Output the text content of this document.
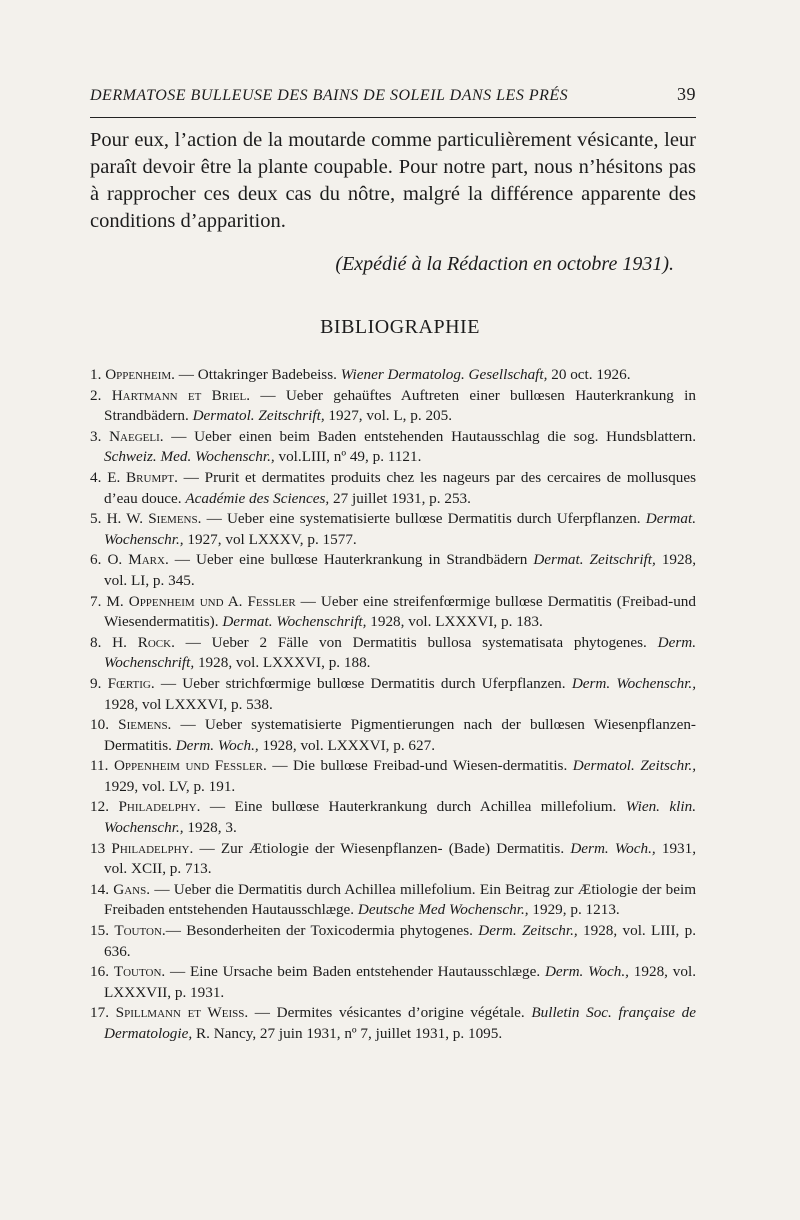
DERMATOSE BULLEUSE DES BAINS DE SOLEIL DANS LES PRÉS	39

Pour eux, l’action de la moutarde comme particulièrement vésicante, leur paraît devoir être la plante coupable. Pour notre part, nous n’hésitons pas à rapprocher ces deux cas du nôtre, malgré la différence apparente des conditions d’apparition.

(Expédié à la Rédaction en octobre 1931).
BIBLIOGRAPHIE

1. Oppenheim. — Ottakringer Badebeiss. Wiener Dermatolog. Gesellschaft, 20 oct. 1926.

2. Hartmann et Briel. — Ueber gehaüftes Auftreten einer bullœsen Hauterkrankung in Strandbädern. Dermatol. Zeitschrift, 1927, vol. L, p. 205.

3. Naegeli. — Ueber einen beim Baden entstehenden Hautausschlag die sog. Hundsblattern. Schweiz. Med. Wochenschr., vol.LIII, nº 49, p. 1121.

4. E. Brumpt. — Prurit et dermatites produits chez les nageurs par des cercaires de mollusques d’eau douce. Académie des Sciences, 27 juillet 1931, p. 253.

5. H. W. Siemens. — Ueber eine systematisierte bullœse Dermatitis durch Uferpflanzen. Dermat. Wochenschr., 1927, vol LXXXV, p. 1577.

6. O. Marx. — Ueber eine bullœse Hauterkrankung in Strandbädern Dermat. Zeitschrift, 1928, vol. LI, p. 345.

7. M. Oppenheim und A. Fessler — Ueber eine streifenfœrmige bullœse Dermatitis (Freibad-und Wiesendermatitis). Dermat. Wochenschrift, 1928, vol. LXXXVI, p. 183.

8. H. Rock. — Ueber 2 Fälle von Dermatitis bullosa systematisata phytogenes. Derm. Wochenschrift, 1928, vol. LXXXVI, p. 188.

9. Fœrtig. — Ueber strichfœrmige bullœse Dermatitis durch Uferpflanzen. Derm. Wochenschr., 1928, vol LXXXVI, p. 538.

10. Siemens. — Ueber systematisierte Pigmentierungen nach der bullœsen Wiesenpflanzen-Dermatitis. Derm. Woch., 1928, vol. LXXXVI, p. 627.

11. Oppenheim und Fessler. — Die bullœse Freibad-und Wiesen-dermatitis. Dermatol. Zeitschr., 1929, vol. LV, p. 191.

12. Philadelphy. — Eine bullœse Hauterkrankung durch Achillea millefolium. Wien. klin. Wochenschr., 1928, 3.

13 Philadelphy. — Zur Ætiologie der Wiesenpflanzen- (Bade) Dermatitis. Derm. Woch., 1931, vol. XCII, p. 713.

14. Gans. — Ueber die Dermatitis durch Achillea millefolium. Ein Beitrag zur Ætiologie der beim Freibaden entstehenden Hautausschlæge. Deutsche Med Wochenschr., 1929, p. 1213.

15. Touton.— Besonderheiten der Toxicodermia phytogenes. Derm. Zeitschr., 1928, vol. LIII, p. 636.

16. Touton. — Eine Ursache beim Baden entstehender Hautausschlæge. Derm. Woch., 1928, vol. LXXXVII, p. 1931.

17. Spillmann et Weiss. — Dermites vésicantes d’origine végétale. Bulletin Soc. française de Dermatologie, R. Nancy, 27 juin 1931, nº 7, juillet 1931, p. 1095.
